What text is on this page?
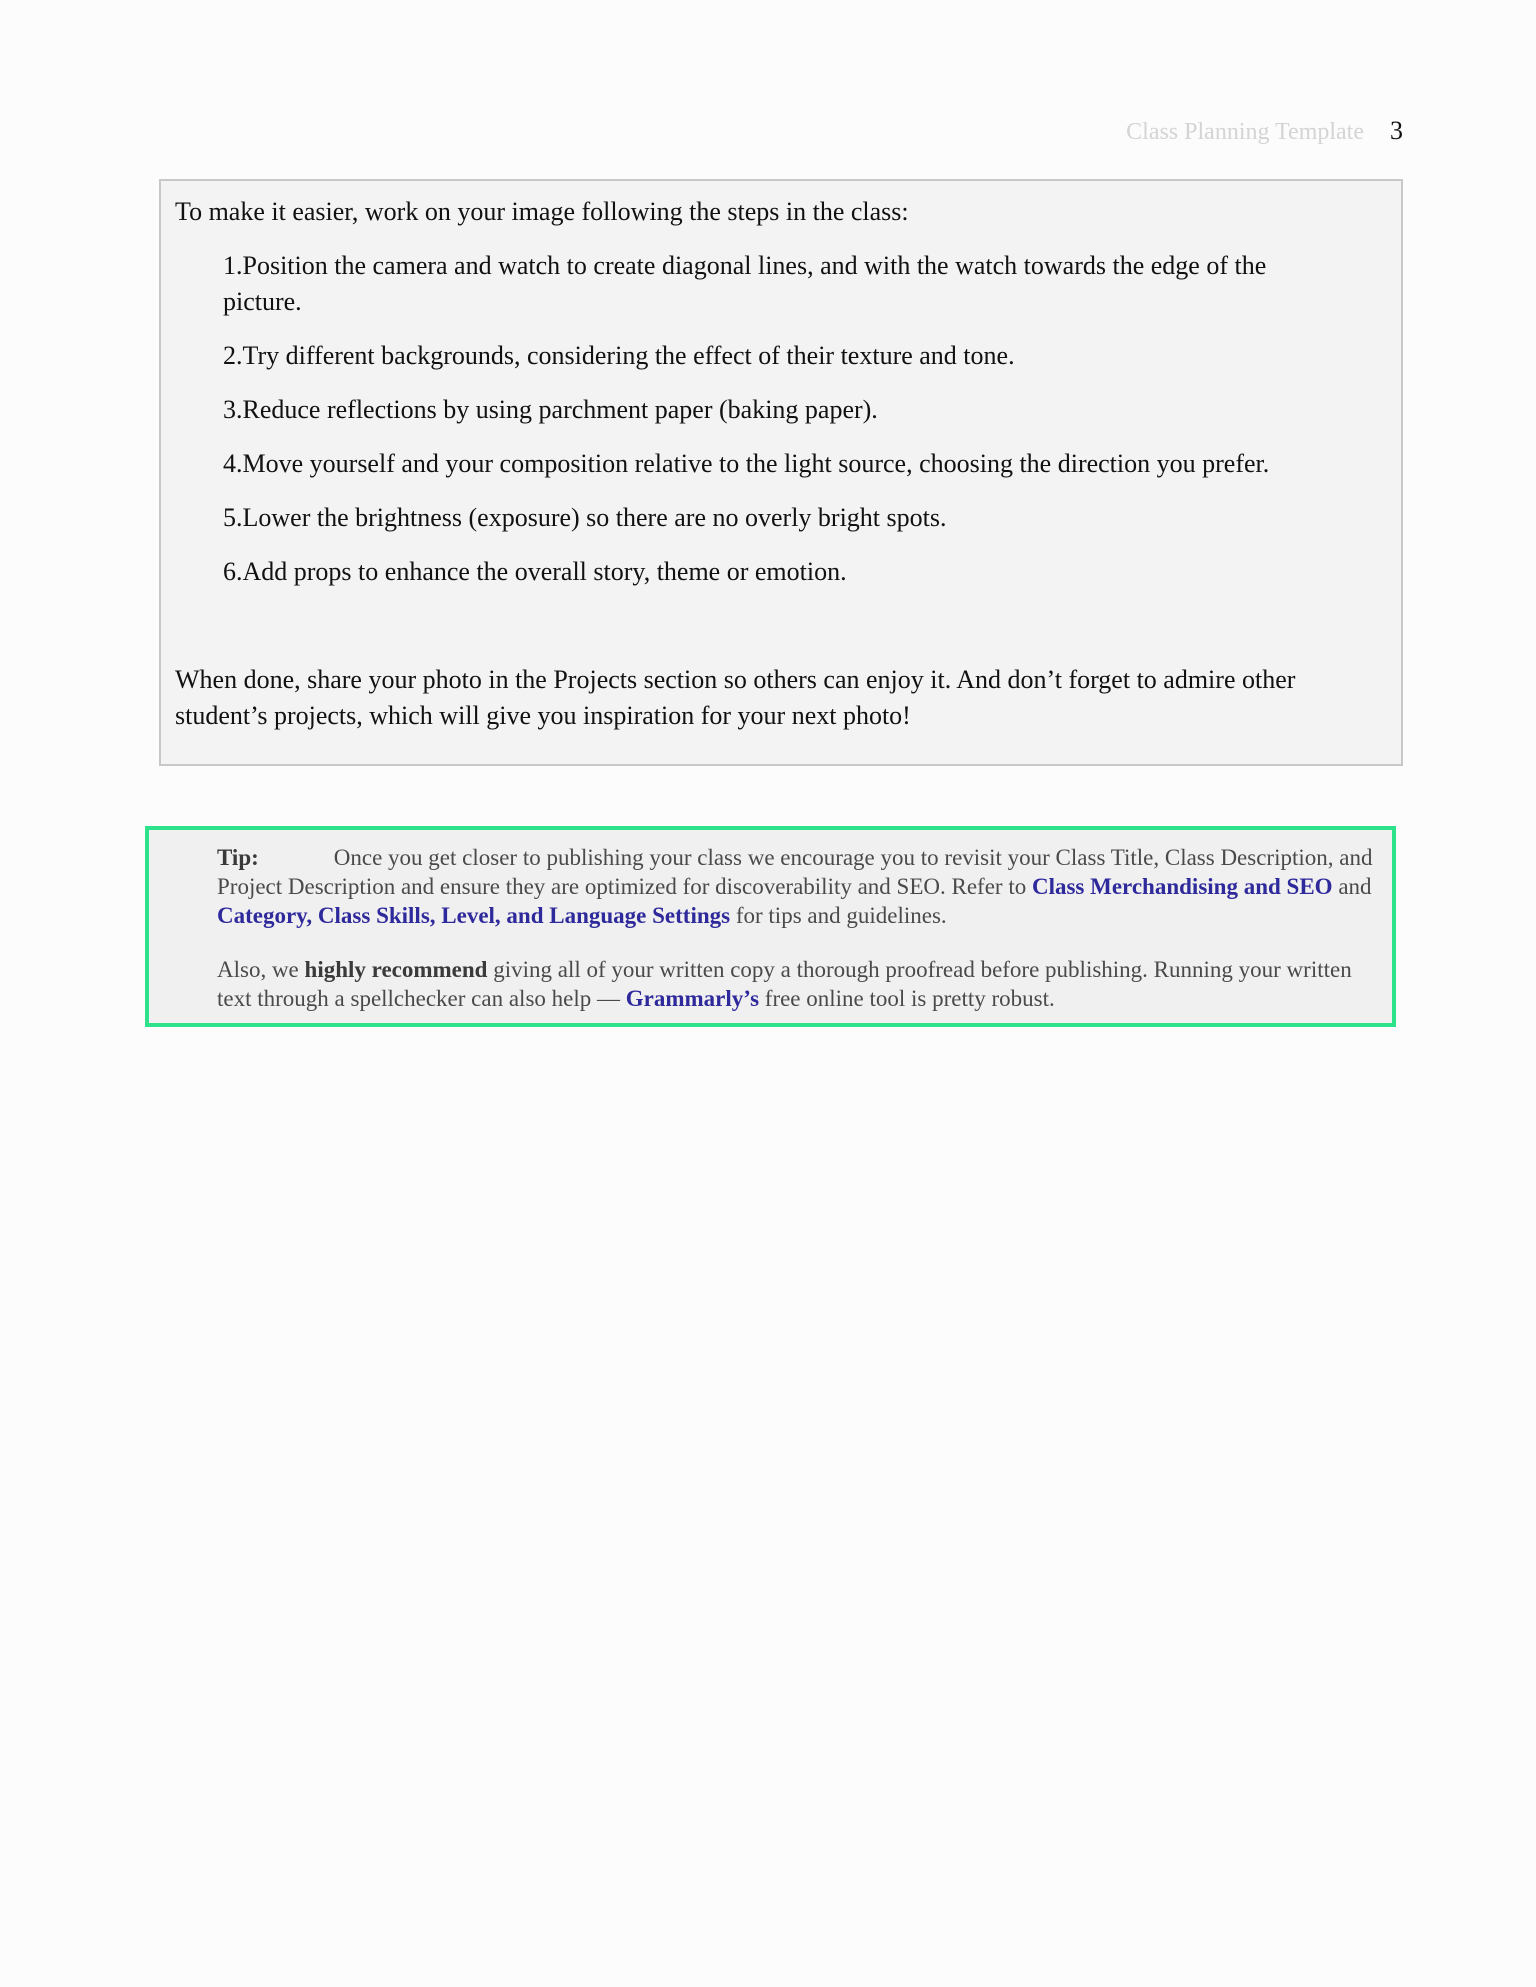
Class Planning Template 3

To make it easier, work on your image following the steps in the class:

1.Position the camera and watch to create diagonal lines, and with the watch towards the edge of the picture.
2.Try different backgrounds, considering the effect of their texture and tone.
3.Reduce reflections by using parchment paper (baking paper).
4.Move yourself and your composition relative to the light source, choosing the direction you prefer.
5.Lower the brightness (exposure) so there are no overly bright spots.
6.Add props to enhance the overall story, theme or emotion.

When done, share your photo in the Projects section so others can enjoy it. And don’t forget to admire other student’s projects, which will give you inspiration for your next photo!

Tip:	Once you get closer to publishing your class we encourage you to revisit your Class Title, Class Description, and Project Description and ensure they are optimized for discoverability and SEO. Refer to Class Merchandising and SEO and Category, Class Skills, Level, and Language Settings for tips and guidelines.

Also, we highly recommend giving all of your written copy a thorough proofread before publishing. Running your written text through a spellchecker can also help — Grammarly’s free online tool is pretty robust.
